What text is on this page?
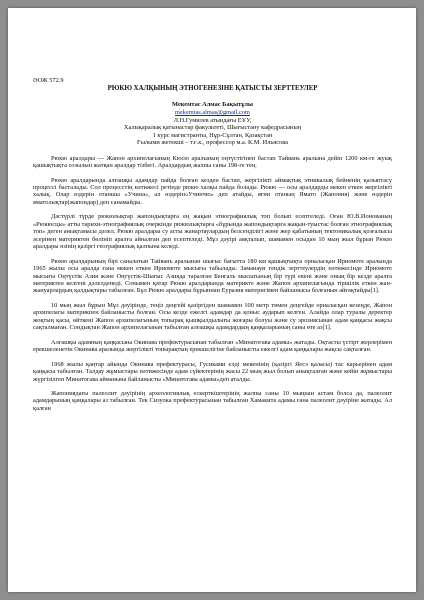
ӘОЖ 572.9

РЮКЮ ХАЛҚЫНЫҢ ЭТНОГЕНЕЗІНЕ ҚАТЫСТЫ ЗЕРТТЕУЛЕР

Мекемтас Алмас Бақытұлы

mekemtas.almas@gmail.com

Л.Н.Гумилев атындағы ЕҰУ,

Халықаралық қатынастар факультеті, Шығыстану кафедрасының

1 курс магистранты, Нұр-Сұлтан, Қазақстан

Ғылыми жетекші – т.ғ.к., профессор м.а. К.М. Ильясова

Рюкю аралдары — Жапон архипелагының Кюсю аралының оңтүстігінен бастап Тайвань аралына дейін 1200 км-ге жуық қашықтықта созылып жатқан аралдар тізбегі. Аралдардың жалпы саны 198-ге тең.

Рюкю аралдарында алғашқы адамдар пайда болған кезден бастап, жергілікті аймақтық этникалық бейненің қалыптасу процессі басталады. Сол процесстің нәтижесі ретінде рюкю халқы пайда болады. Рюкю — осы аралдарды мекен еткен жергілікті халық. Олар өздерін отаншы «Учина», ал өздерін«Учинчю» деп атайды, яғни отаның Ямато (Жапония) және өздерін яматолықтар(жапондар) деп санамайды.

Дәстүрлі түрде рюкюлықтар жапондықтарға ең жақын этнографиялық топ болып есептеледі. Оған Ю.В.Ионованың «Рюкюсцы» атты тарихи-этнографиялық очеркінде рюкюлықтарға «бұрында жапондықтарға жақын-туыстас болған этнографиялық топ» деген анықтамасы дәлел. Рюкю аралдары су асты жанартаулардың белсенділігі және жер қабатының тектоникалық қозғалысы әсерінен материктен бөлініп аралға айналған деп есептеледі. Мұз дәуірі аяқталып, шамамен осыдан 10 мың жыл бұрын Рюкю аралдары өзінің қазіргі географиялық қалпына келеді.

Рюкю аралдарының бірі саналатын Тайвань аралынан шығыс бағытта 180 км қашықтықта орналасқан Ириомоте аралында 1965 жылы осы аралда ғана мекен еткен Ириомоте мысығы табылады. Заманауи гендік зерттеулердің нәтижесінде Ириомоте мысығы Оңтүстік Азия және Оңтүстік-Шығыс Азияда таралған Бенгаль мысығының бір түрі екені және оның бір кезде аралға материктен келгені дәлелденеді. Сонымен қатар Рюкю аралдарында материкте және Жапон архипелагында тіршілік еткен жан-жануарлардың қалдықтары табылған. Бұл Рюкю аралдары бұрыннан Еуразия материгімен байланысы болғанын айғақтайды[1].

10 мың жыл бұрын Мұз дәуірінде, теңіз деңгейі қазіргіден шамамен 100 метр төмен деңгейде орналасқан кезеңде, Жапон архипелагы материкпен байланысты болған. Осы кезде ежелгі адамдар да қоныс аударып келген. Алайда олар туралы деректер жоқтың қасы, өйткені Жапон архипелагының топырақ қышқылдылығы жоғары болуы және су эрозиясынан адам қаңқасы жақсы сақталмаған. Сондықтан Жапон архипелагынан табылған алғашқы адамдардың қаңқаларының саны өте аз[1].

Алғашқы адамның қаңқасына Окинава префектурасынан табылған «Минатогава адамы» жатады. Оқтасты үстірт жерлерімен ерекшеленетін Окинава аралында жергілікті топырақтың ерекшелігіне байланысты ежелгі адам қаңқалары жақсы сақталған.

1968 жылы қаңтар айында Окинава префектурасы, Гусиками елді мекенінің (қазіргі Яесэ қаласы) тас карьерінен адам қаңқасы табылған. Талдау жұмыстары нәтижесінде адам сүйектерінің жасы 22 мың жыл болып анықталған және кейін жұмыстары жүргізілген Минатогава айманына байланысты «Минатогава адамы»деп аталды.

Жапониядағы палеолит дәуірінің археологиялық ескерткіштерінің жалпы саны 10 мыңнан астам болса да, палеолит адамдарының қаңқалары аз табылған. Тек Сизуока префектурасынан табылған Хамакита адамы ғана палеолит дәуіріне жатады. Ал қалған
